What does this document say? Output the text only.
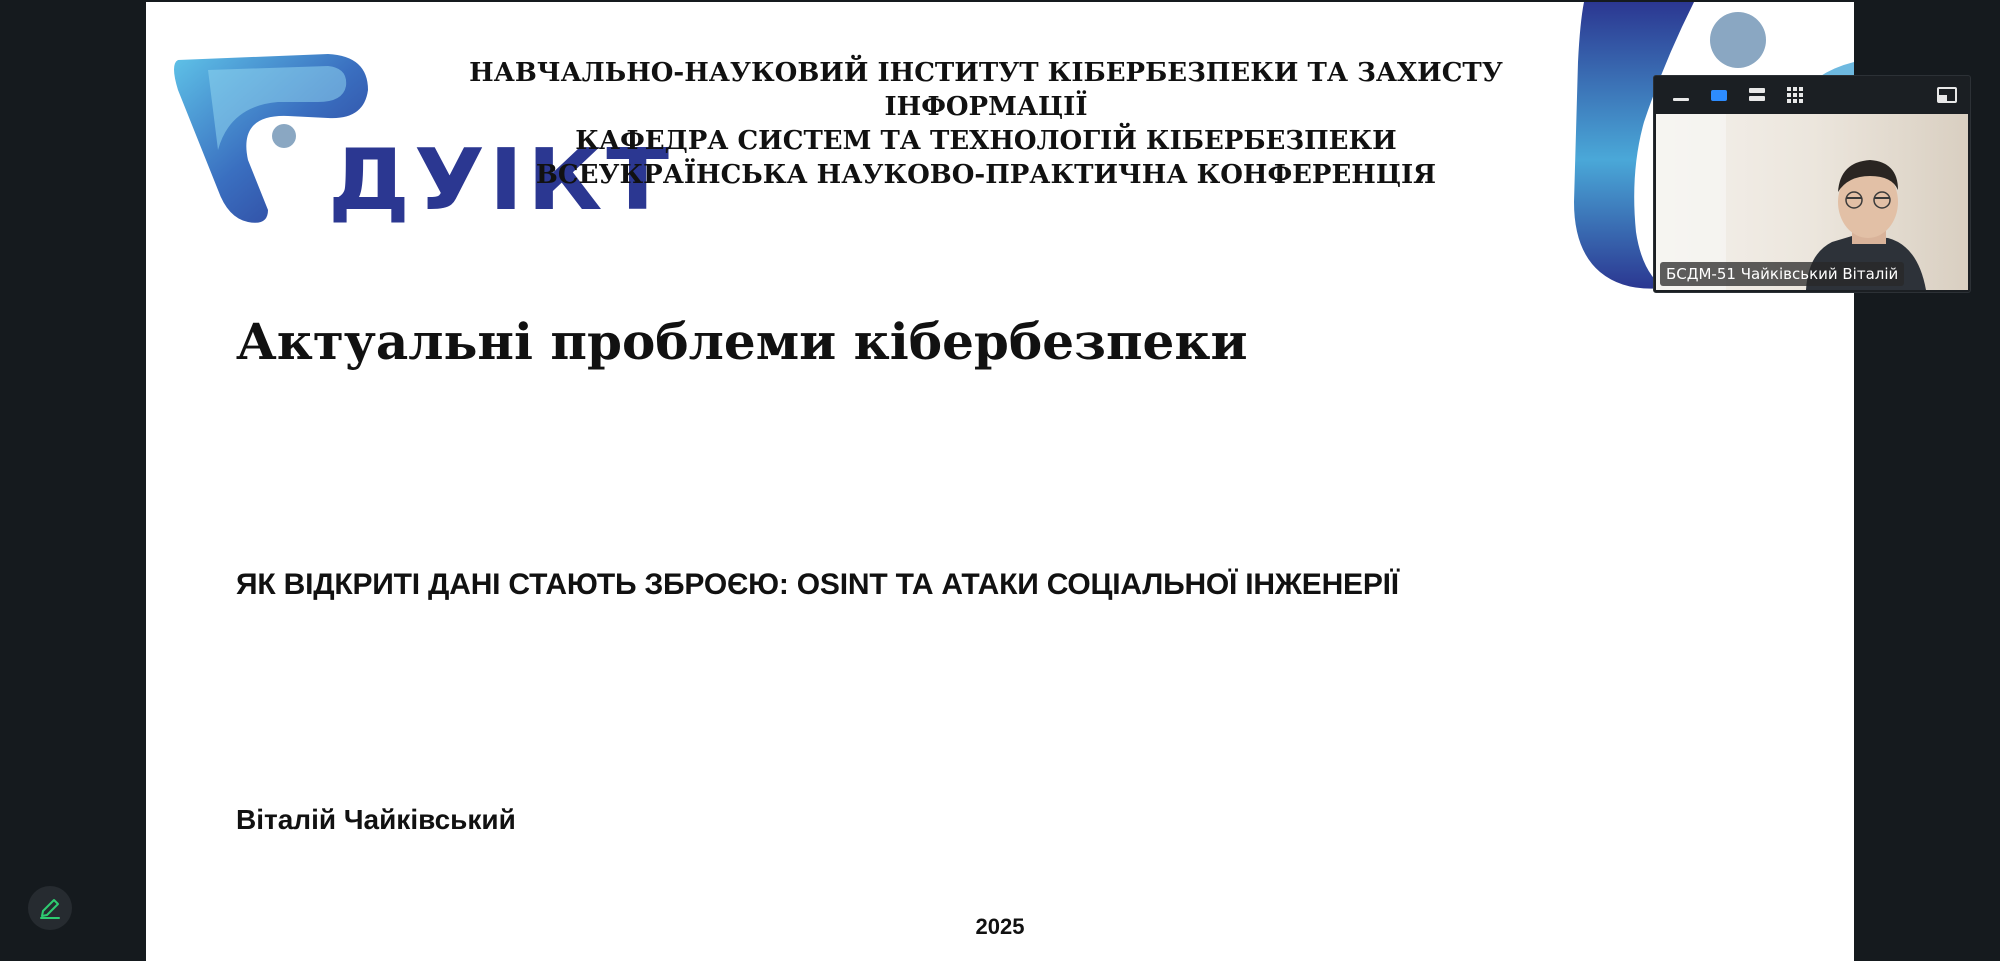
ДУІКТ
НАВЧАЛЬНО-НАУКОВИЙ ІНСТИТУТ КІБЕРБЕЗПЕКИ ТА ЗАХИСТУ ІНФОРМАЦІЇ
КАФЕДРА СИСТЕМ ТА ТЕХНОЛОГІЙ КІБЕРБЕЗПЕКИ
ВСЕУКРАЇНСЬКА НАУКОВО-ПРАКТИЧНА КОНФЕРЕНЦІЯ
Актуальні проблеми кібербезпеки
ЯК ВІДКРИТІ ДАНІ СТАЮТЬ ЗБРОЄЮ: OSINT ТА АТАКИ СОЦІАЛЬНОЇ ІНЖЕНЕРІЇ
Віталій Чайківський
2025
БСДМ-51 Чайківський Віталій
